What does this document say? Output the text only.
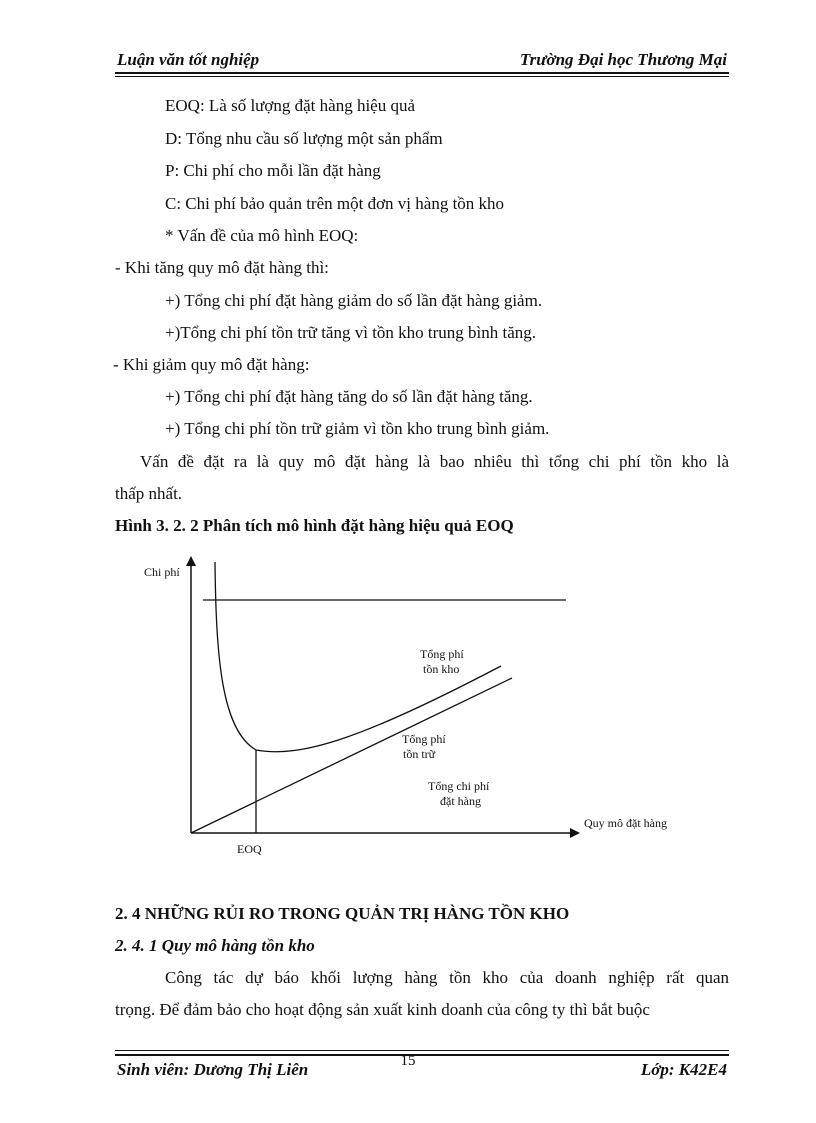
Luận văn tốt nghiệp	Trường Đại học Thương Mại
EOQ: Là số lượng đặt hàng hiệu quả
D: Tổng nhu cầu số lượng một sản phẩm
P: Chi phí cho mỗi lần đặt hàng
C: Chi phí bảo quản trên một đơn vị hàng tồn kho
* Vấn đề của mô hình EOQ:
- Khi tăng quy mô đặt hàng thì:
+) Tổng chi phí đặt hàng giảm do số lần đặt hàng giảm.
+)Tổng chi phí tồn trữ tăng vì tồn kho trung bình tăng.
- Khi giảm quy mô đặt hàng:
+) Tổng chi phí đặt hàng tăng do số lần đặt hàng tăng.
+) Tổng chi phí tồn trữ giảm vì tồn kho trung bình giảm.
Vấn đề đặt ra là quy mô đặt hàng là bao nhiêu thì tổng chi phí tồn kho là
thấp nhất.
Hình 3. 2. 2 Phân tích mô hình đặt hàng hiệu quả EOQ
Chi phí
Quy mô đặt hàng
EOQ
Tổng phí
tồn kho
Tổng phí
tồn trữ
Tổng chi phí
đặt hàng
2. 4 NHỮNG RỦI RO TRONG QUẢN TRỊ HÀNG TỒN KHO
2. 4. 1 Quy mô hàng tồn kho
Công tác dự báo khối lượng hàng tồn kho của doanh nghiệp rất quan
trọng. Để đảm bảo cho hoạt động sản xuất kinh doanh của công ty thì bắt buộc
Sinh viên: Dương Thị Liên	Lớp: K42E4
15
